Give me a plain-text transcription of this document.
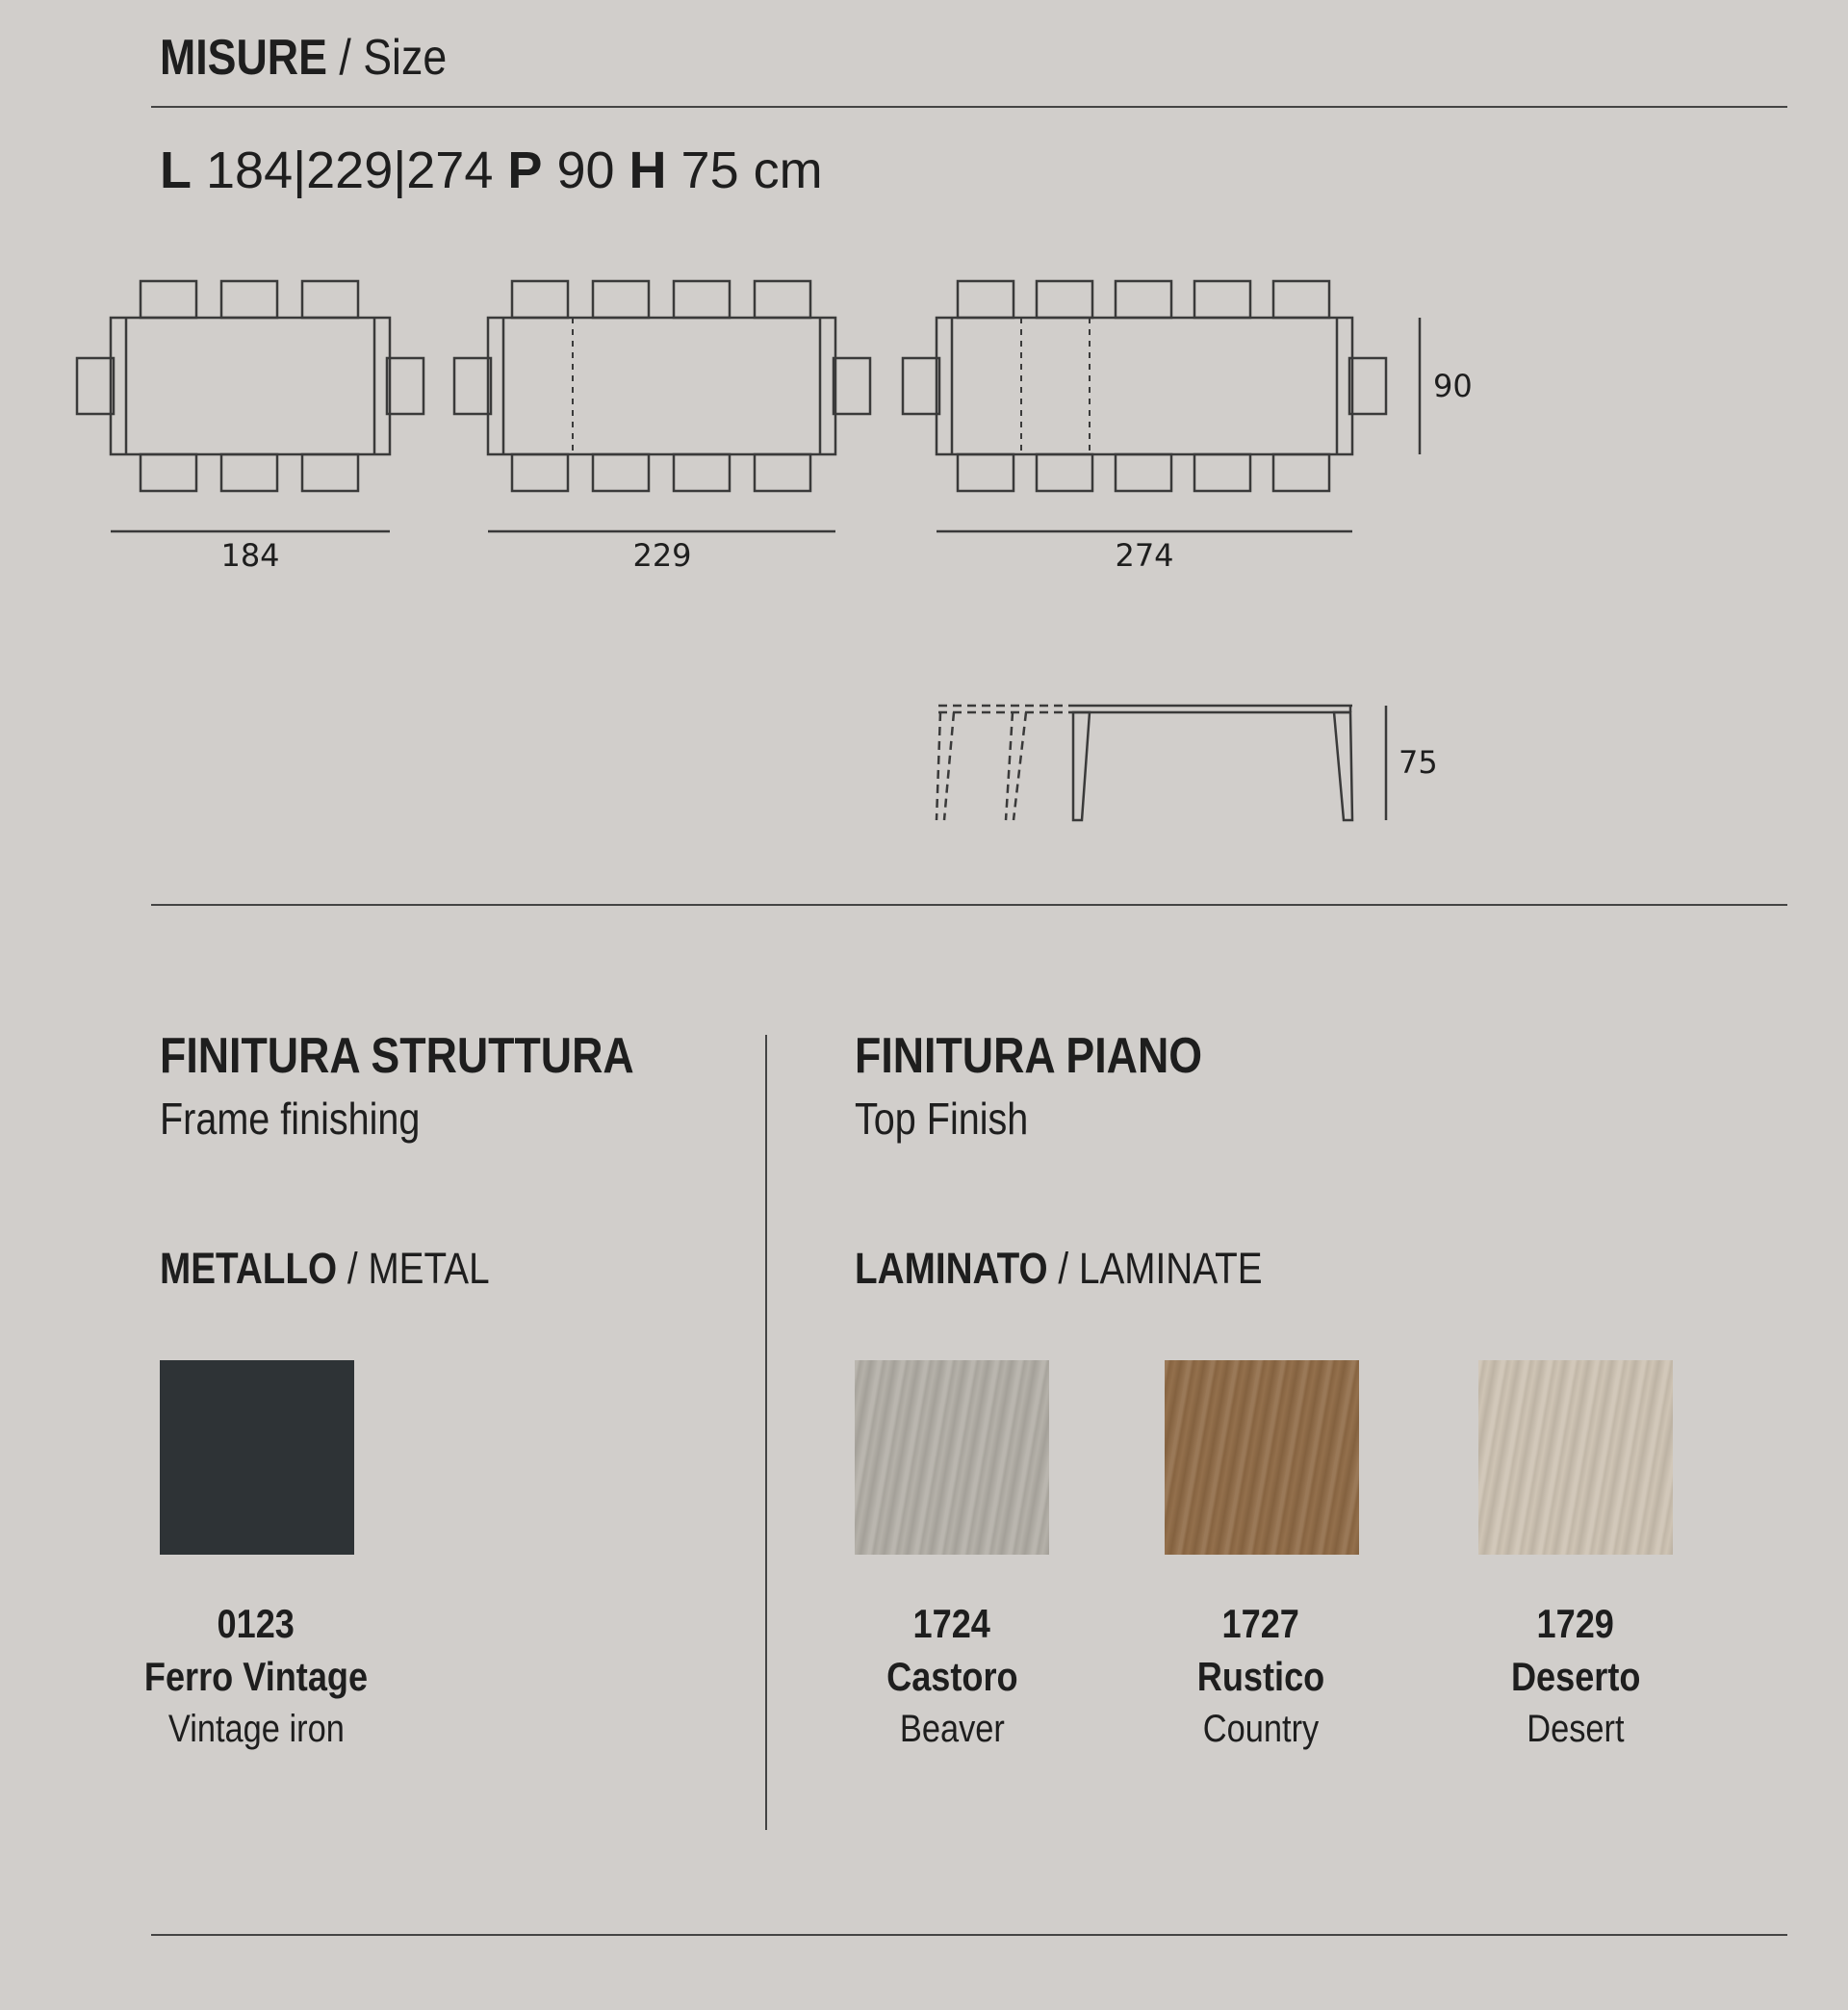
MISURE / Size
L 184|229|274 P 90 H 75 cm
184	229	274
90
75
FINITURA STRUTTURA
Frame finishing
METALLO / METAL
0123
Ferro Vintage
Vintage iron
FINITURA PIANO
Top Finish
LAMINATO / LAMINATE
1724
Castoro
Beaver
1727
Rustico
Country
1729
Deserto
Desert
